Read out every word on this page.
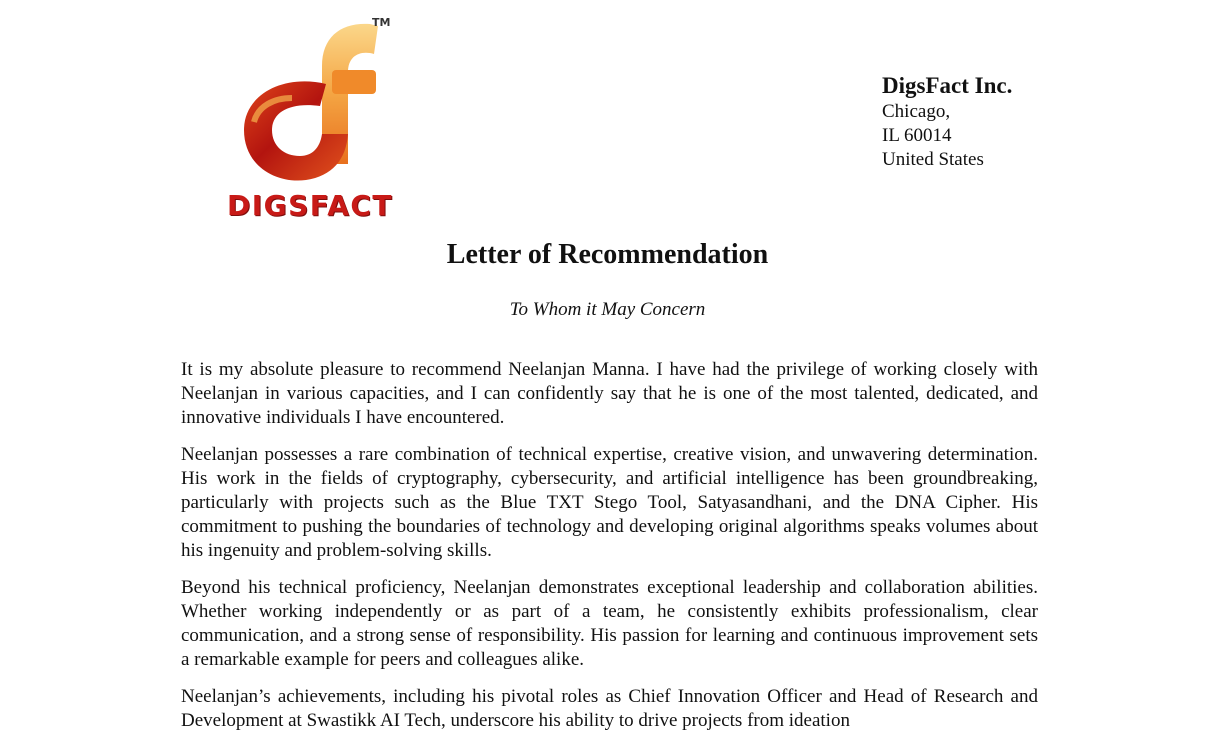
TM
DIGSFACT
DigsFact Inc.
Chicago,
IL 60014
United States
Letter of Recommendation
To Whom it May Concern

It is my absolute pleasure to recommend Neelanjan Manna. I have had the privilege of working closely with Neelanjan in various capacities, and I can confidently say that he is one of the most talented, dedicated, and innovative individuals I have encountered.

Neelanjan possesses a rare combination of technical expertise, creative vision, and unwavering determination. His work in the fields of cryptography, cybersecurity, and artificial intelligence has been groundbreaking, particularly with projects such as the Blue TXT Stego Tool, Satyasandhani, and the DNA Cipher. His commitment to pushing the boundaries of technology and developing original algorithms speaks volumes about his ingenuity and problem-solving skills.

Beyond his technical proficiency, Neelanjan demonstrates exceptional leadership and collaboration abilities. Whether working independently or as part of a team, he consistently exhibits professionalism, clear communication, and a strong sense of responsibility. His passion for learning and continuous improvement sets a remarkable example for peers and colleagues alike.

Neelanjan’s achievements, including his pivotal roles as Chief Innovation Officer and Head of Research and Development at Swastikk AI Tech, underscore his ability to drive projects from ideation
